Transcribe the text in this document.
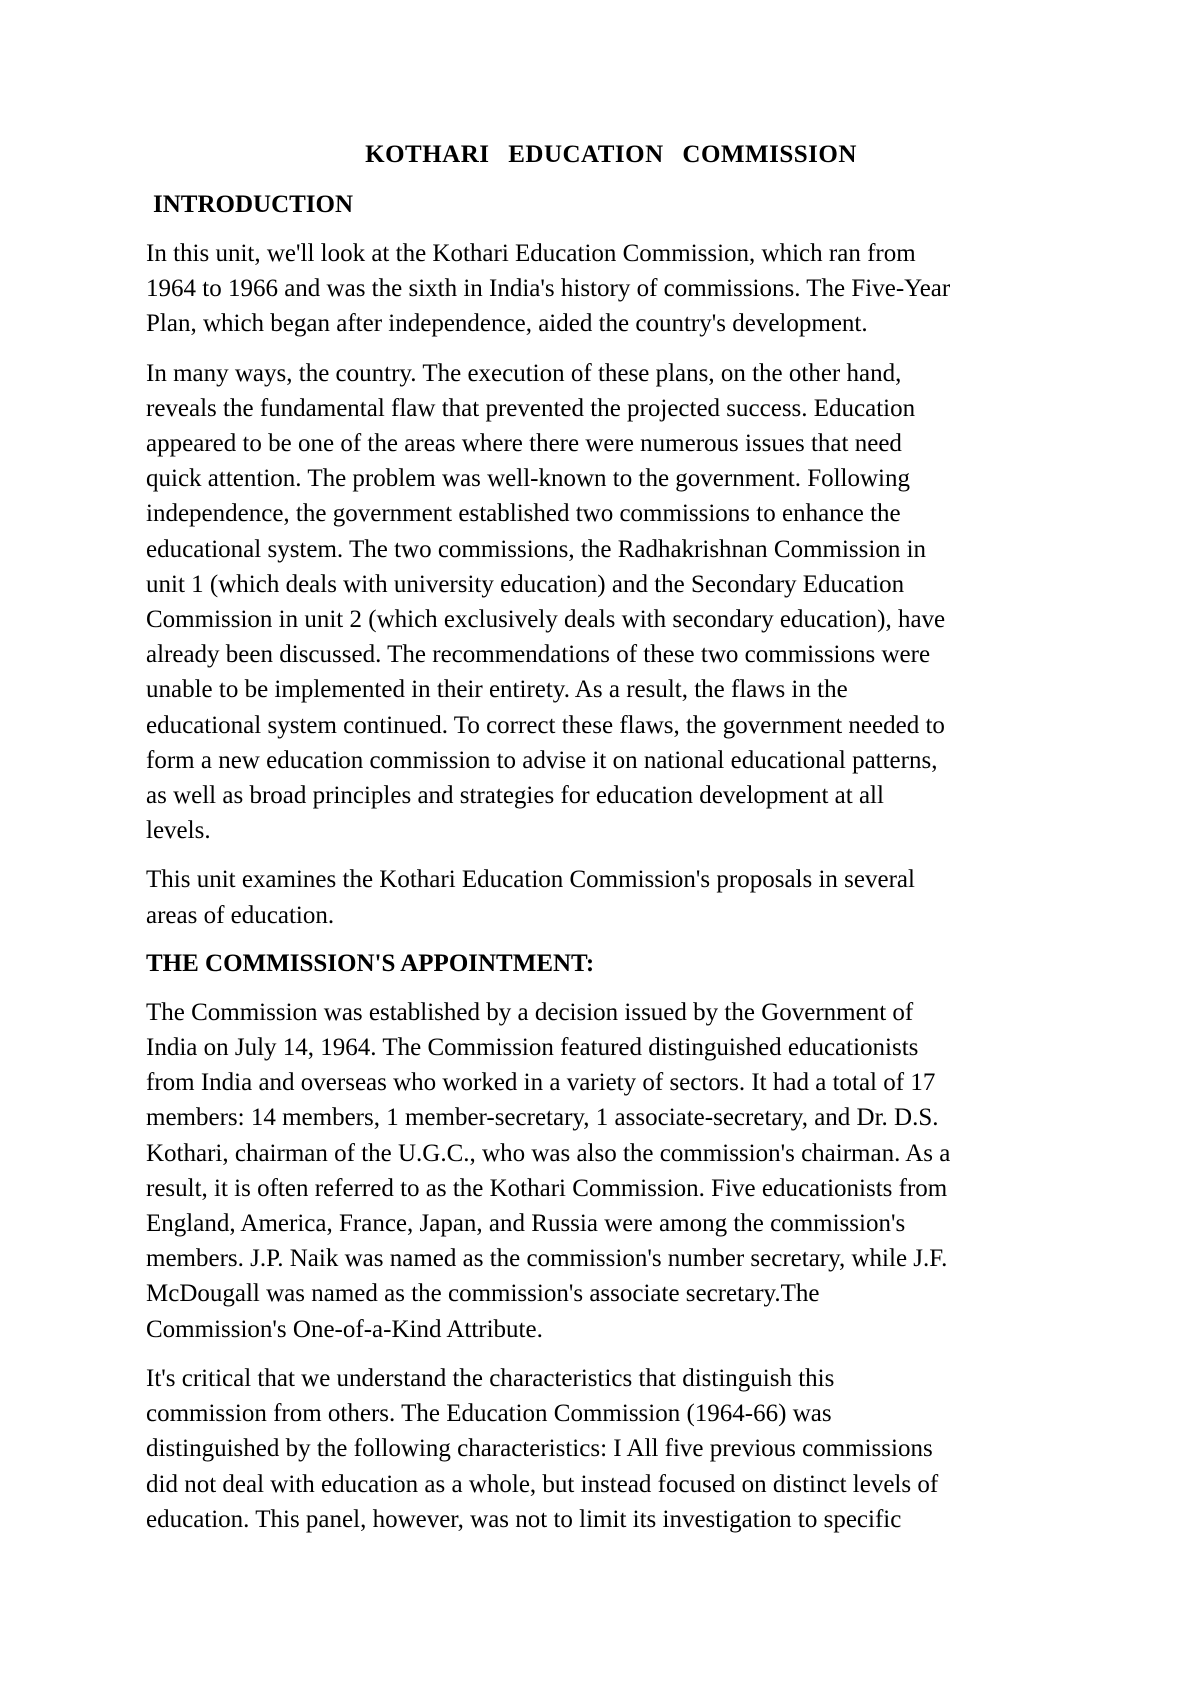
KOTHARI EDUCATION COMMISSION
INTRODUCTION

In this unit, we'll look at the Kothari Education Commission, which ran from
1964 to 1966 and was the sixth in India's history of commissions. The Five-Year
Plan, which began after independence, aided the country's development.

In many ways, the country. The execution of these plans, on the other hand,
reveals the fundamental flaw that prevented the projected success. Education
appeared to be one of the areas where there were numerous issues that need
quick attention. The problem was well-known to the government. Following
independence, the government established two commissions to enhance the
educational system. The two commissions, the Radhakrishnan Commission in
unit 1 (which deals with university education) and the Secondary Education
Commission in unit 2 (which exclusively deals with secondary education), have
already been discussed. The recommendations of these two commissions were
unable to be implemented in their entirety. As a result, the flaws in the
educational system continued. To correct these flaws, the government needed to
form a new education commission to advise it on national educational patterns,
as well as broad principles and strategies for education development at all
levels.

This unit examines the Kothari Education Commission's proposals in several
areas of education.

THE COMMISSION'S APPOINTMENT:

The Commission was established by a decision issued by the Government of
India on July 14, 1964. The Commission featured distinguished educationists
from India and overseas who worked in a variety of sectors. It had a total of 17
members: 14 members, 1 member-secretary, 1 associate-secretary, and Dr. D.S.
Kothari, chairman of the U.G.C., who was also the commission's chairman. As a
result, it is often referred to as the Kothari Commission. Five educationists from
England, America, France, Japan, and Russia were among the commission's
members. J.P. Naik was named as the commission's number secretary, while J.F.
McDougall was named as the commission's associate secretary.The
Commission's One-of-a-Kind Attribute.

It's critical that we understand the characteristics that distinguish this
commission from others. The Education Commission (1964-66) was
distinguished by the following characteristics: I All five previous commissions
did not deal with education as a whole, but instead focused on distinct levels of
education. This panel, however, was not to limit its investigation to specific
